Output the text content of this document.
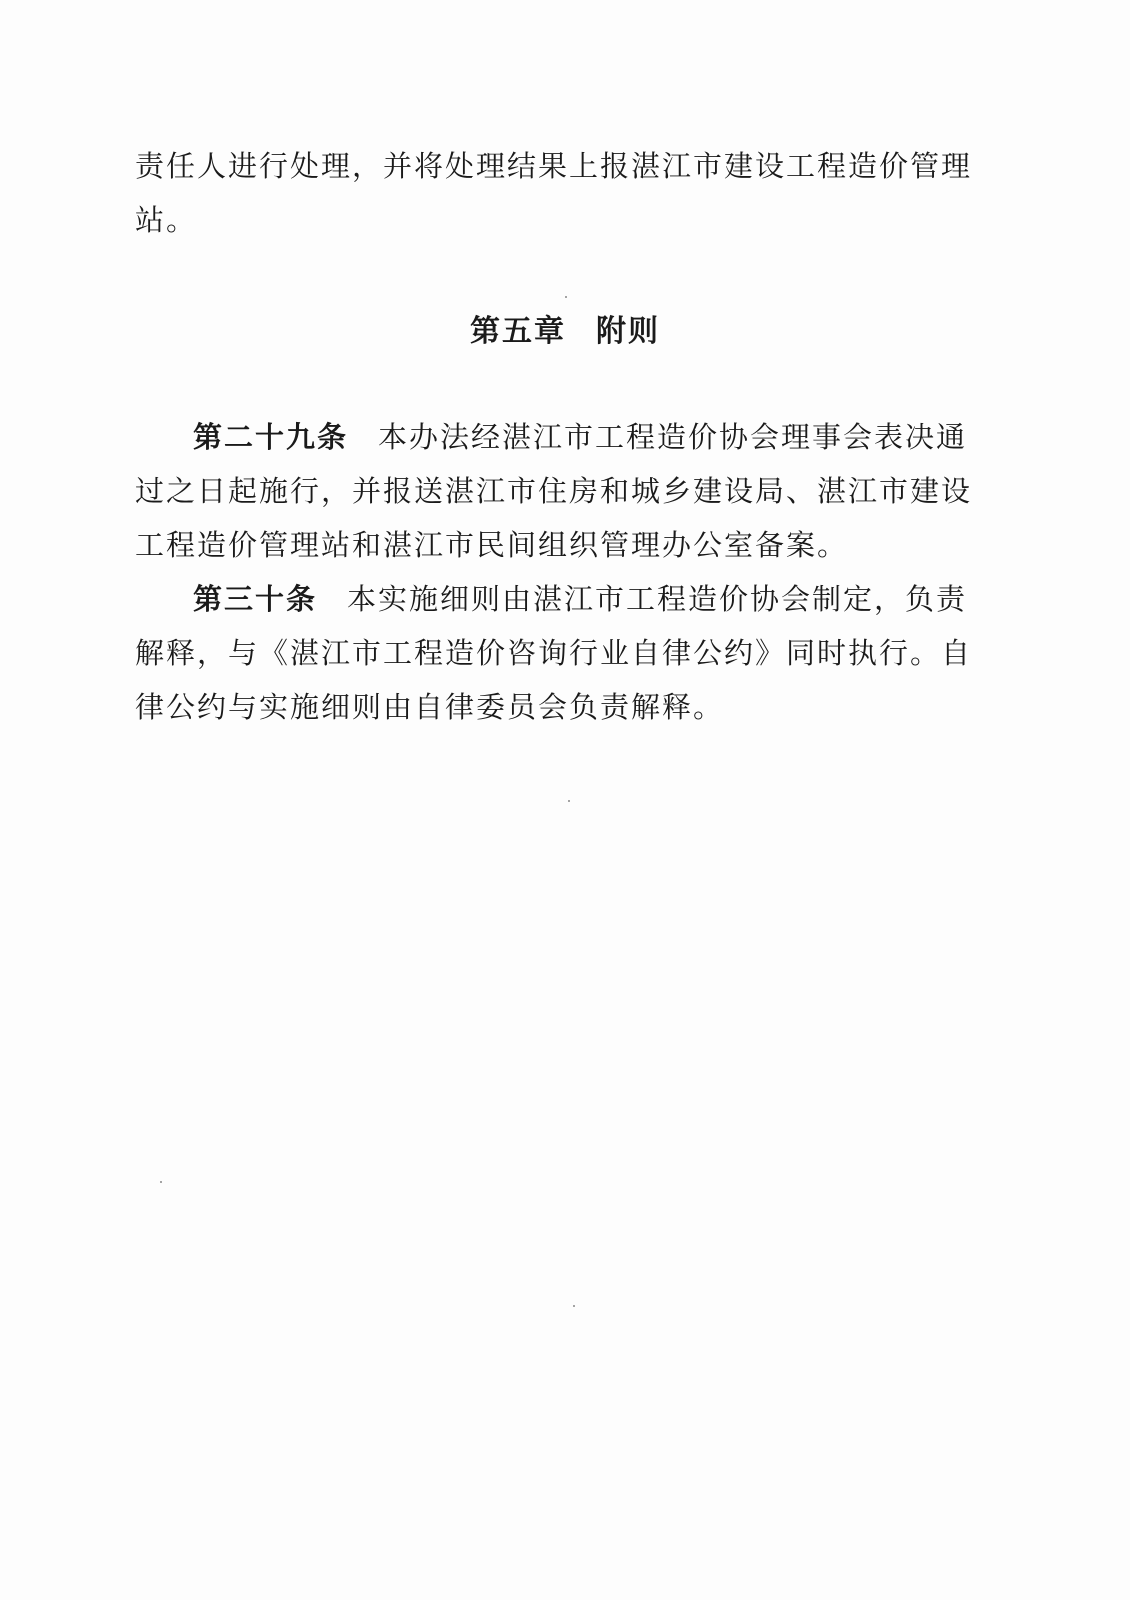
责任人进行处理，并将处理结果上报湛江市建设工程造价管理站。

第五章 附则

第二十九条 本办法经湛江市工程造价协会理事会表决通过之日起施行，并报送湛江市住房和城乡建设局、湛江市建设工程造价管理站和湛江市民间组织管理办公室备案。

第三十条 本实施细则由湛江市工程造价协会制定，负责解释，与《湛江市工程造价咨询行业自律公约》同时执行。自律公约与实施细则由自律委员会负责解释。
